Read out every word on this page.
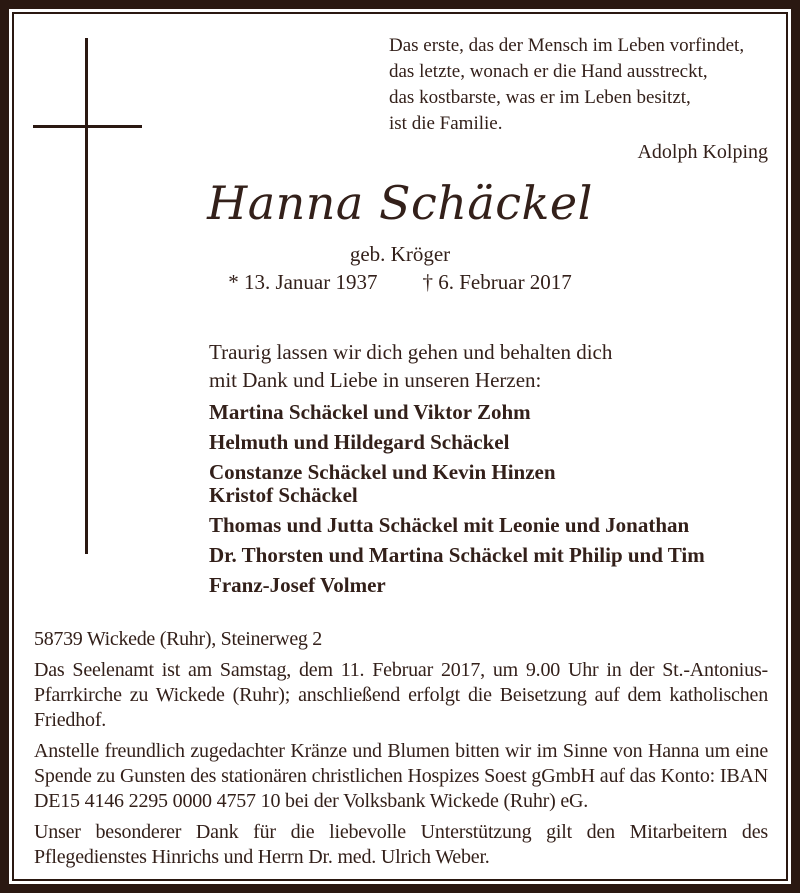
Das erste, das der Mensch im Leben vorfindet,
das letzte, wonach er die Hand ausstreckt,
das kostbarste, was er im Leben besitzt,
ist die Familie.
Adolph Kolping
Hanna Schäckel
geb. Kröger
* 13. Januar 1937 † 6. Februar 2017
Traurig lassen wir dich gehen und behalten dich
mit Dank und Liebe in unseren Herzen:
Martina Schäckel und Viktor Zohm
Helmuth und Hildegard Schäckel
Constanze Schäckel und Kevin Hinzen
Kristof Schäckel
Thomas und Jutta Schäckel mit Leonie und Jonathan
Dr. Thorsten und Martina Schäckel mit Philip und Tim
Franz-Josef Volmer
58739 Wickede (Ruhr), Steinerweg 2

Das Seelenamt ist am Samstag, dem 11. Februar 2017, um 9.00 Uhr in der St.-Antonius-Pfarrkirche zu Wickede (Ruhr); anschließend erfolgt die Beisetzung auf dem katholischen Friedhof.

Anstelle freundlich zugedachter Kränze und Blumen bitten wir im Sinne von Hanna um eine Spende zu Gunsten des stationären christlichen Hospizes Soest gGmbH auf das Konto: IBAN DE15 4146 2295 0000 4757 10 bei der Volksbank Wickede (Ruhr) eG.

Unser besonderer Dank für die liebevolle Unterstützung gilt den Mitarbeitern des Pflegedienstes Hinrichs und Herrn Dr. med. Ulrich Weber.
